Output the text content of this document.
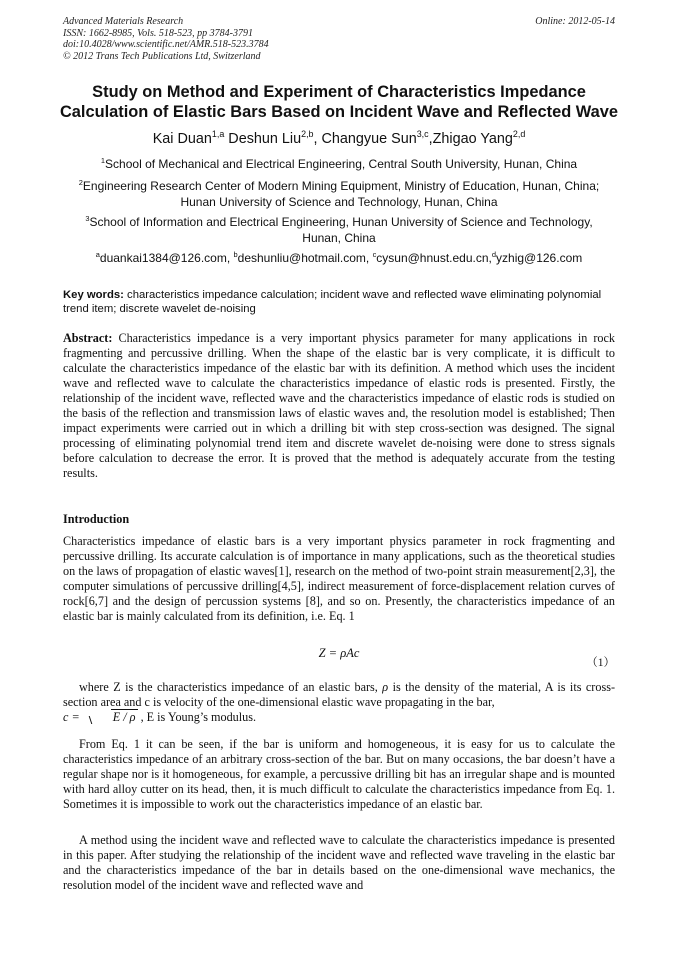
Advanced Materials Research
ISSN: 1662-8985, Vols. 518-523, pp 3784-3791
doi:10.4028/www.scientific.net/AMR.518-523.3784
© 2012 Trans Tech Publications Ltd, Switzerland
Online: 2012-05-14
Study on Method and Experiment of Characteristics Impedance
Calculation of Elastic Bars Based on Incident Wave and Reflected Wave
Kai Duan$^{1,a}$ Deshun Liu$^{2,b}$, Changyue Sun$^{3,c}$,Zhigao Yang$^{2,d}$
$^1$School of Mechanical and Electrical Engineering, Central South University, Hunan, China
$^2$Engineering Research Center of Modern Mining Equipment, Ministry of Education, Hunan, China;
Hunan University of Science and Technology, Hunan, China
$^3$School of Information and Electrical Engineering, Hunan University of Science and Technology,
Hunan, China
$^a$duankai1384@126.com, $^b$deshunliu@hotmail.com, $^c$cysun@hnust.edu.cn,$^d$yzhig@126.com
Key words: characteristics impedance calculation; incident wave and reflected wave eliminating polynomial trend item; discrete wavelet de-noising
Abstract: Characteristics impedance is a very important physics parameter for many applications in rock fragmenting and percussive drilling. When the shape of the elastic bar is very complicate, it is difficult to calculate the characteristics impedance of the elastic bar with its definition. A method which uses the incident wave and reflected wave to calculate the characteristics impedance of elastic rods is presented. Firstly, the relationship of the incident wave, reflected wave and the characteristics impedance of elastic rods is studied on the basis of the reflection and transmission laws of elastic waves and, the resolution model is established; Then impact experiments were carried out in which a drilling bit with step cross-section was designed. The signal processing of eliminating polynomial trend item and discrete wavelet de-noising were done to stress signals before calculation to decrease the error. It is proved that the method is adequately accurate from the testing results.
Introduction
Characteristics impedance of elastic bars is a very important physics parameter in rock fragmenting and percussive drilling. Its accurate calculation is of importance in many applications, such as the theoretical studies on the laws of propagation of elastic waves[1], research on the method of two-point strain measurement[2,3], the computer simulations of percussive drilling[4,5], indirect measurement of force-displacement relation curves of rock[6,7] and the design of percussion systems [8], and so on. Presently, the characteristics impedance of an elastic bar is mainly calculated from its definition, i.e. Eq. 1
Z = ρAc
（1）
where Z is the characteristics impedance of an elastic bars, ρ is the density of the material, A is its cross-section area and c is velocity of the one-dimensional elastic wave propagating in the bar,
c = E / ρ , E is Young’s modulus.
From Eq. 1 it can be seen, if the bar is uniform and homogeneous, it is easy for us to calculate the characteristics impedance of an arbitrary cross-section of the bar. But on many occasions, the bar doesn’t have a regular shape nor is it homogeneous, for example, a percussive drilling bit has an irregular shape and is mounted with hard alloy cutter on its head, then, it is much difficult to calculate the characteristics impedance from Eq. 1. Sometimes it is impossible to work out the characteristics impedance of an elastic bar.
A method using the incident wave and reflected wave to calculate the characteristics impedance is presented in this paper. After studying the relationship of the incident wave and reflected wave traveling in the elastic bar and the characteristics impedance of the bar in details based on the one-dimensional wave mechanics, the resolution model of the incident wave and reflected wave and
